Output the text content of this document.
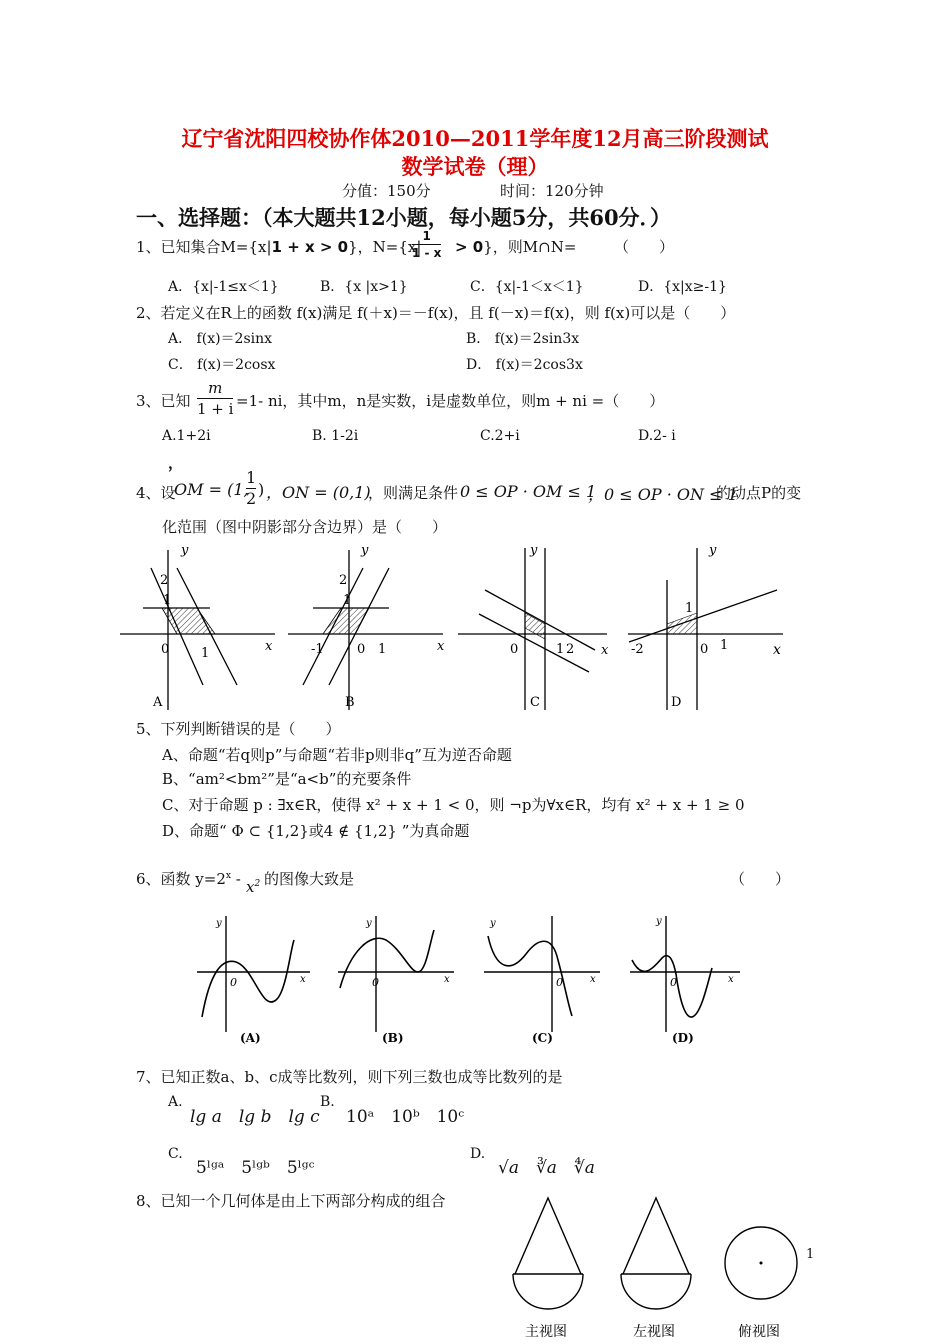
辽宁省沈阳四校协作体2010—2011学年度12月高三阶段测试
数学试卷（理）
分值：150分	时间：120分钟
一、选择题：（本大题共12小题，每小题5分，共60分．）
1、已知集合M={x|1 + x > 0}，N={x|
$\frac{1}{1 - x} > 0$}，则M∩N=	（　　）
A．{x|-1≤x＜1}	B．{x |x>1}	C．{x|-1＜x＜1}	D．{x|x≥-1}
2、若定义在R上的函数 f(x)满足 f(＋x)＝－f(x)，且 f(－x)＝f(x)，则 f(x)可以是（　　）
A． f(x)＝2sinx	B． f(x)＝2sin3x
C． f(x)＝2cosx	D． f(x)＝2cos3x
3、已知 $\frac{m}{1 + i} =1-$ ni，其中m，n是实数，i是虚数单位，则m + ni =（　　）
A.1+2i	B. 1-2i	C.2+i	D.2- i
，
4、设
OM = (1,
$\frac{1}{2}$ ) ，ON = (0,1)
，则满足条件 0 ≤ OP · OM ≤ 1
，0 ≤ OP · ON ≤ 1
的动点P的变
化范围（图中阴影部分含边界）是（　　）
y
2
1
0 1	x
A
y
2
1
-1	0 1	x
B
y
0	1 2 x
C
y
1
-2	0 1	x
D
5、下列判断错误的是（　　）
A、命题“若q则p”与命题“若非p则非q”互为逆否命题
B、“am²<bm²”是“a<b”的充要条件
C、对于命题 p : ∃x∈R，使得 x² + x + 1 < 0，则 ¬p为∀x∈R，均有 x² + x + 1 ≥ 0
D、命题“ Φ ⊂ {1,2}或4 ∉ {1,2} ”为真命题
6、函数 $y=2^x - x^2$ 的图像大致是	（　　）
y
0	x
(A)
y
0	x
(B)
y
0	x
(C)
y
0	x
(D)
7、已知正数a、b、c成等比数列，则下列三数也成等比数列的是
A.
lg a　lg b　lg c
B.
10ᵃ　10ᵇ　10ᶜ
C.
5ˡᵍᵃ　5ˡᵍᵇ　5ˡᵍᶜ
D.
√a　∛a　∜a
8、已知一个几何体是由上下两部分构成的组合
主视图	左视图	俯视图
1
